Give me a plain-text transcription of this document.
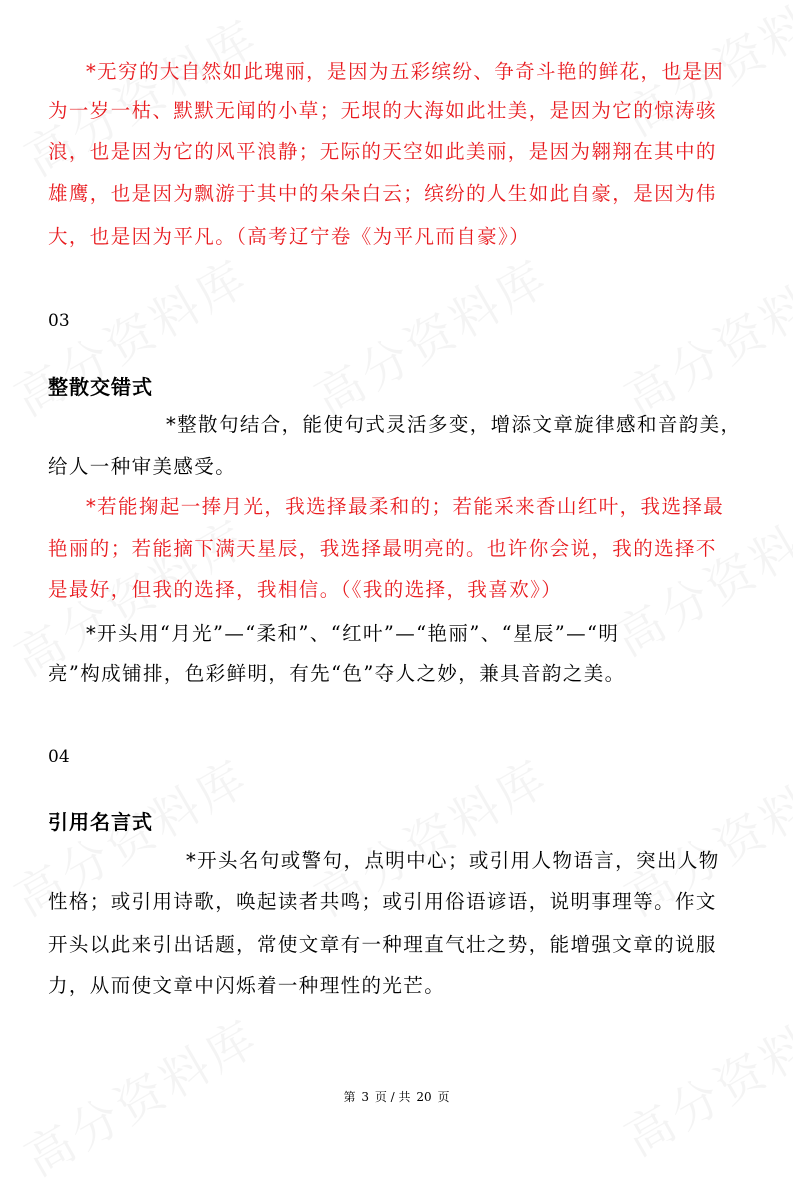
*无穷的大自然如此瑰丽，是因为五彩缤纷、争奇斗艳的鲜花，也是因
为一岁一枯、默默无闻的小草；无垠的大海如此壮美，是因为它的惊涛骇
浪，也是因为它的风平浪静；无际的天空如此美丽，是因为翱翔在其中的
雄鹰，也是因为飘游于其中的朵朵白云；缤纷的人生如此自豪，是因为伟
大，也是因为平凡。（高考辽宁卷《为平凡而自豪》）
03
整散交错式
*整散句结合，能使句式灵活多变，增添文章旋律感和音韵美，
给人一种审美感受。
*若能掬起一捧月光，我选择最柔和的；若能采来香山红叶，我选择最
艳丽的；若能摘下满天星辰，我选择最明亮的。也许你会说，我的选择不
是最好，但我的选择，我相信。（《我的选择，我喜欢》）
*开头用“月光”—“柔和”、“红叶”—“艳丽”、“星辰”—“明
亮”构成铺排，色彩鲜明，有先“色”夺人之妙，兼具音韵之美。
04
引用名言式
*开头名句或警句，点明中心；或引用人物语言，突出人物
性格；或引用诗歌，唤起读者共鸣；或引用俗语谚语，说明事理等。作文
开头以此来引出话题，常使文章有一种理直气壮之势，能增强文章的说服
力，从而使文章中闪烁着一种理性的光芒。
第 3 页 / 共 20 页
